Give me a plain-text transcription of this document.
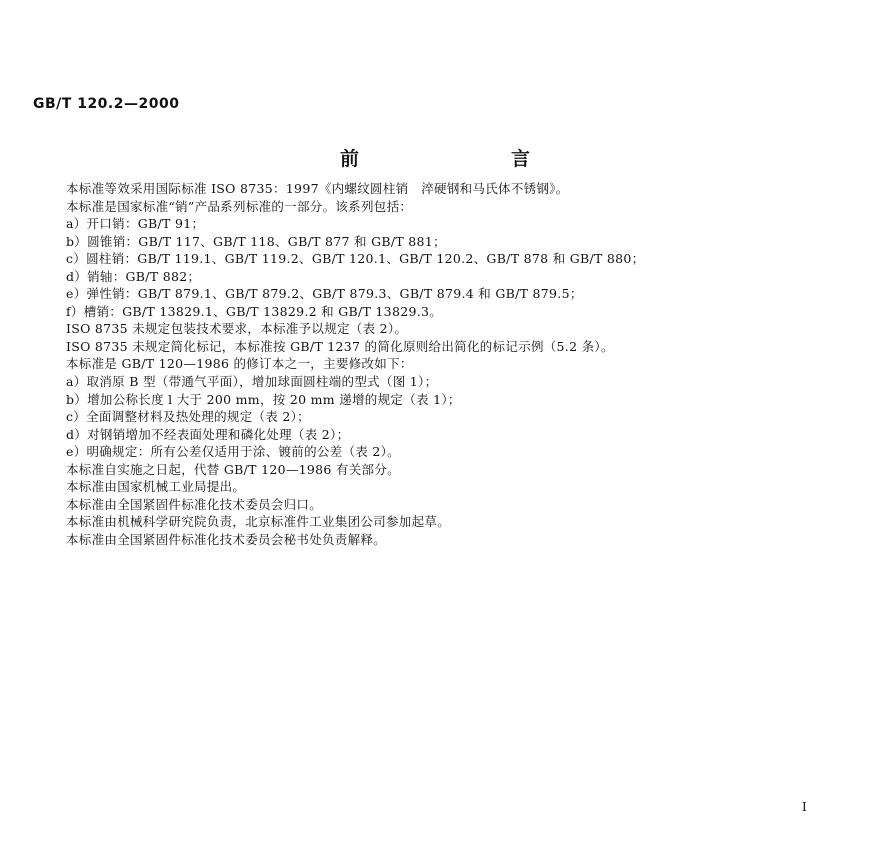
GB/T 120.2—2000
前	言
本标准等效采用国际标准 ISO 8735：1997《内螺纹圆柱销　淬硬钢和马氏体不锈钢》。
本标准是国家标准“销”产品系列标准的一部分。该系列包括：
a）开口销：GB/T 91；
b）圆锥销：GB/T 117、GB/T 118、GB/T 877 和 GB/T 881；
c）圆柱销：GB/T 119.1、GB/T 119.2、GB/T 120.1、GB/T 120.2、GB/T 878 和 GB/T 880；
d）销轴：GB/T 882；
e）弹性销：GB/T 879.1、GB/T 879.2、GB/T 879.3、GB/T 879.4 和 GB/T 879.5；
f）槽销：GB/T 13829.1、GB/T 13829.2 和 GB/T 13829.3。
ISO 8735 未规定包装技术要求，本标准予以规定（表 2）。
ISO 8735 未规定简化标记，本标准按 GB/T 1237 的简化原则给出简化的标记示例（5.2 条）。
本标准是 GB/T 120—1986 的修订本之一，主要修改如下：
a）取消原 B 型（带通气平面），增加球面圆柱端的型式（图 1）；
b）增加公称长度 l 大于 200 mm，按 20 mm 递增的规定（表 1）；
c）全面调整材料及热处理的规定（表 2）；
d）对钢销增加不经表面处理和磷化处理（表 2）；
e）明确规定：所有公差仅适用于涂、镀前的公差（表 2）。
本标准自实施之日起，代替 GB/T 120—1986 有关部分。
本标准由国家机械工业局提出。
本标准由全国紧固件标准化技术委员会归口。
本标准由机械科学研究院负责，北京标准件工业集团公司参加起草。
本标准由全国紧固件标准化技术委员会秘书处负责解释。
I
